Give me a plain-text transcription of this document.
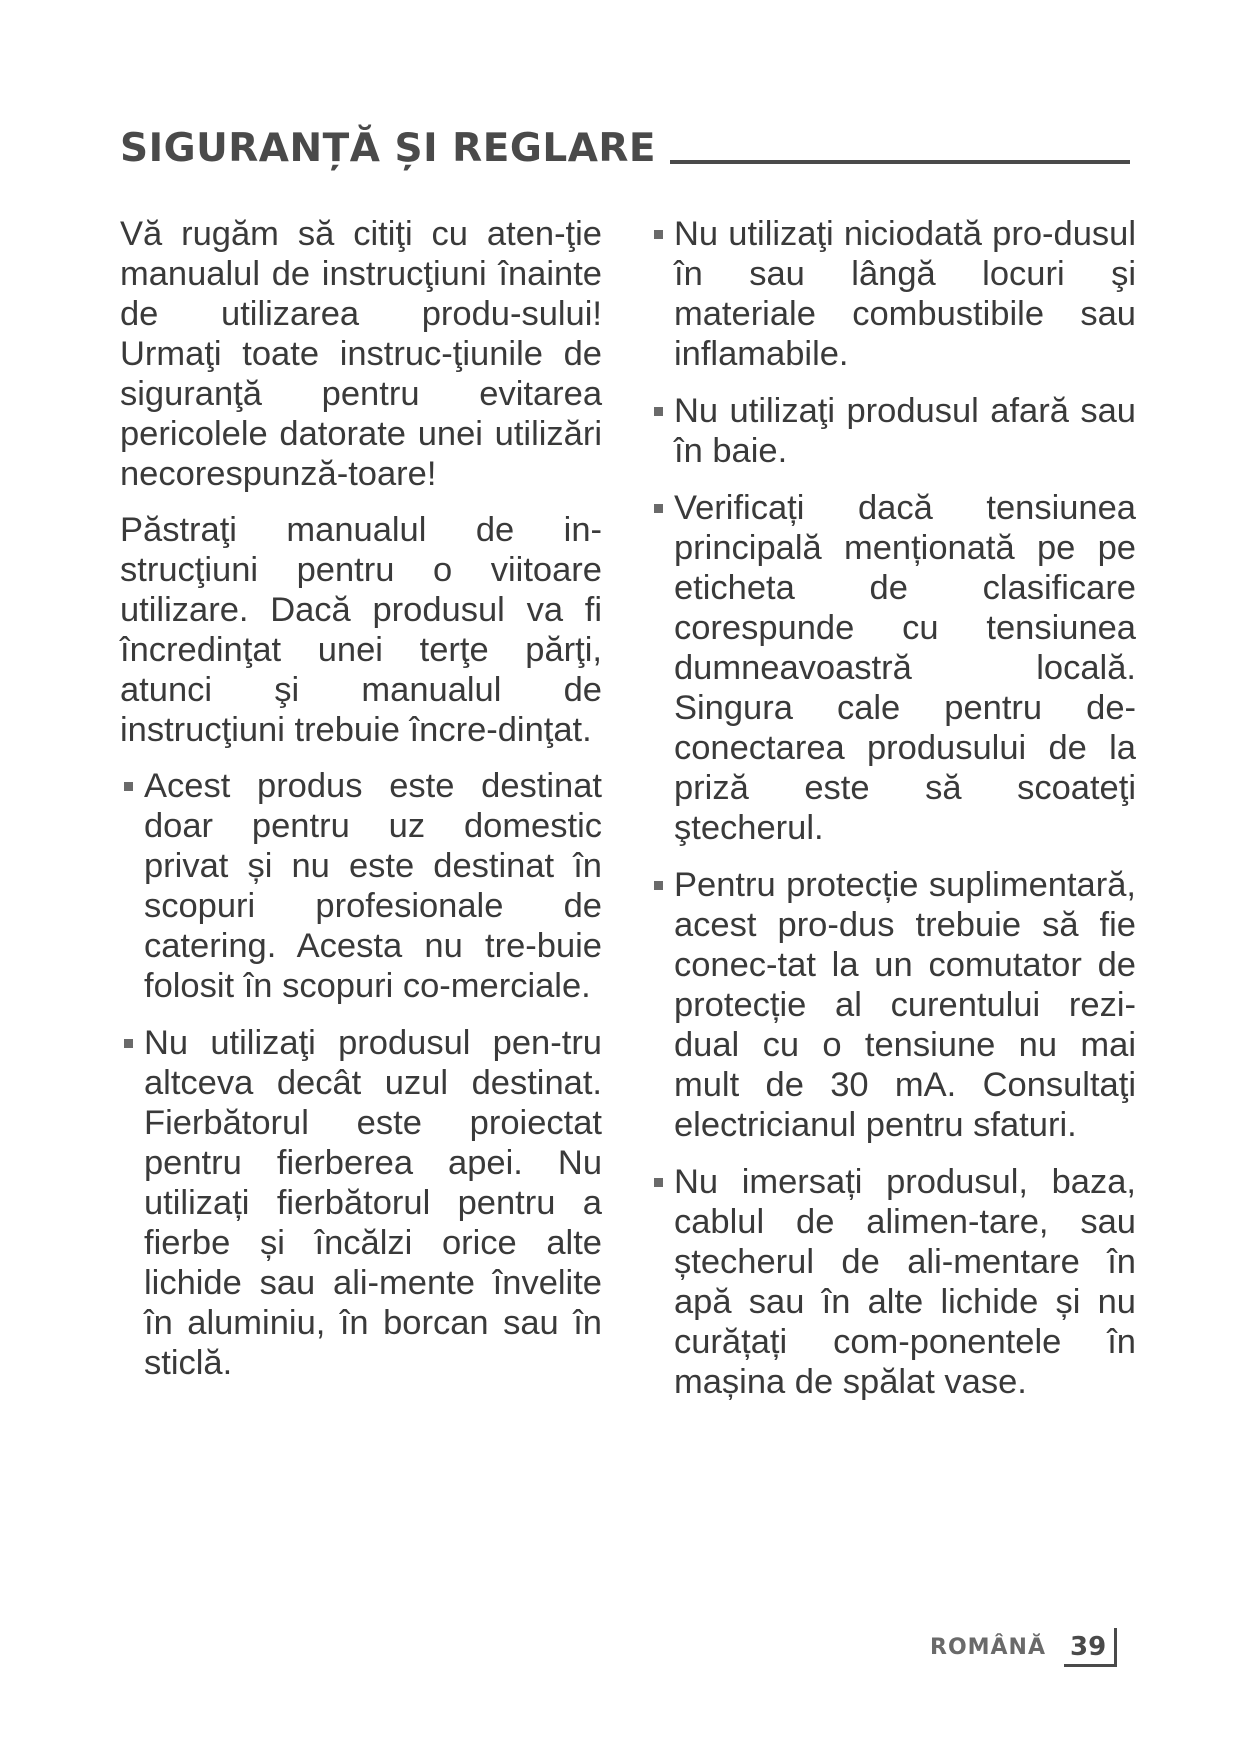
SIGURANȚĂ ȘI REGLARE

Vă rugăm să citiţi cu aten-ţie manualul de instrucţiuni înainte de utilizarea produ-sului! Urmaţi toate instruc-ţiunile de siguranţă pentru evitarea pericolele datorate unei utilizări necorespunză-toare!

Păstraţi manualul de in-strucţiuni pentru o viitoare utilizare. Dacă produsul va fi încredinţat unei terţe părţi, atunci şi manualul de instrucţiuni trebuie încre-dinţat.

Acest produs este destinat doar pentru uz domestic privat și nu este destinat în scopuri profesionale de catering. Acesta nu tre-buie folosit în scopuri co-merciale.
Nu utilizaţi produsul pen-tru altceva decât uzul destinat. Fierbătorul este proiectat pentru fierberea apei. Nu utilizați fierbătorul pentru a fierbe și încălzi orice alte lichide sau ali-mente învelite în aluminiu, în borcan sau în sticlă.
Nu utilizaţi niciodată pro-dusul în sau lângă locuri şi materiale combustibile sau inflamabile.
Nu utilizaţi produsul afară sau în baie.
Verificați dacă tensiunea principală menționată pe pe eticheta de clasificare corespunde cu tensiunea dumneavoastră locală. Singura cale pentru de-conectarea produsului de la priză este să scoateţi ştecherul.
Pentru protecție suplimentară, acest pro-dus trebuie să fie conec-tat la un comutator de protecție al curentului rezi-dual cu o tensiune nu mai mult de 30 mA. Consultaţi electricianul pentru sfaturi.
Nu imersați produsul, baza, cablul de alimen-tare, sau ștecherul de ali-mentare în apă sau în alte lichide și nu curățați com-ponentele în mașina de spălat vase.
ROMÂNĂ 39
